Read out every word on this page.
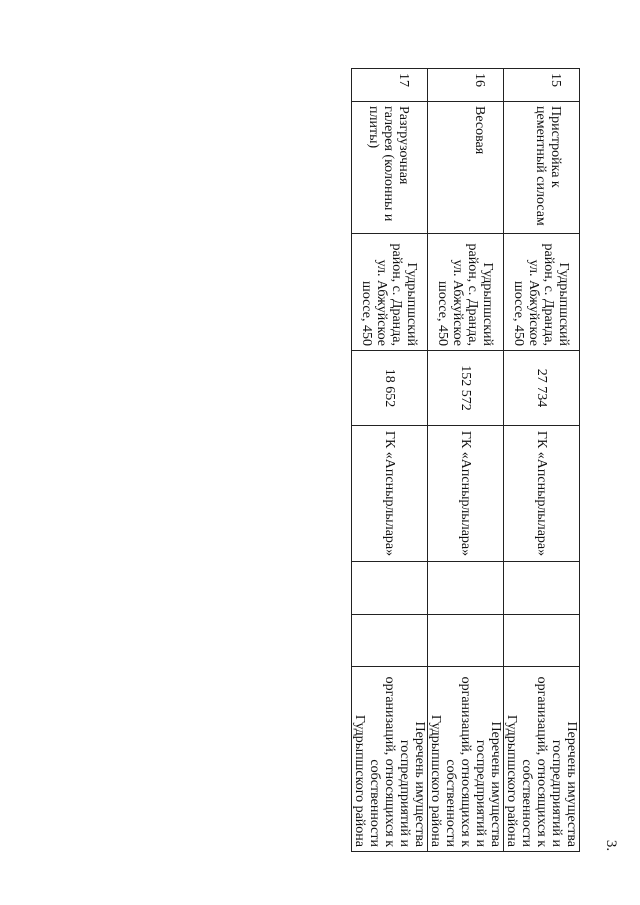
3.
15	Пристройка к цементный силосам	Гудрыпшский район, с. Дранда, ул. Абжуйское шоссе, 450	27 734	ГК «Апснырлылара»			Перечень имущества госпредприятий и организаций, относящихся к собственности Гудрыпшского района
16	Весовая	Гудрыпшский район, с. Дранда, ул. Абжуйское шоссе, 450	152 572	ГК «Апснырлылара»			Перечень имущества госпредприятий и организаций, относящихся к собственности Гудрыпшского района
17	Разгрузочная галерея (колонны и плиты)	Гудрыпшский район, с. Дранда, ул. Абжуйское шоссе, 450	18 652	ГК «Апснырлылара»			Перечень имущества госпредприятий и организаций, относящихся к собственности Гудрыпшского района
